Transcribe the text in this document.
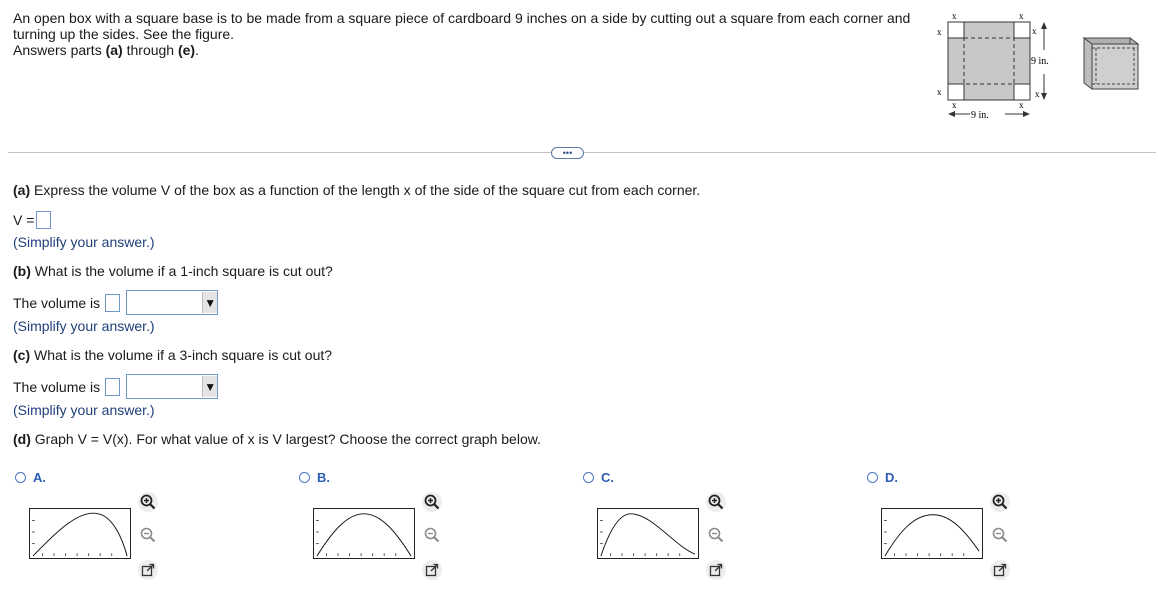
An open box with a square base is to be made from a square piece of cardboard 9 inches on a side by cutting out a square from each corner and turning up the sides. See the figure.

Answers parts (a) through (e).

x	x
x
x
x
x
x	x
9 in.
9 in.
•••
(a) Express the volume V of the box as a function of the length x of the side of the square cut from each corner.
V =
(Simplify your answer.)
(b) What is the volume if a 1-inch square is cut out?
The volume is	▼
(Simplify your answer.)
(c) What is the volume if a 3-inch square is cut out?
The volume is	▼
(Simplify your answer.)
(d) Graph V = V(x). For what value of x is V largest? Choose the correct graph below.
A.	B.	C.	D.
